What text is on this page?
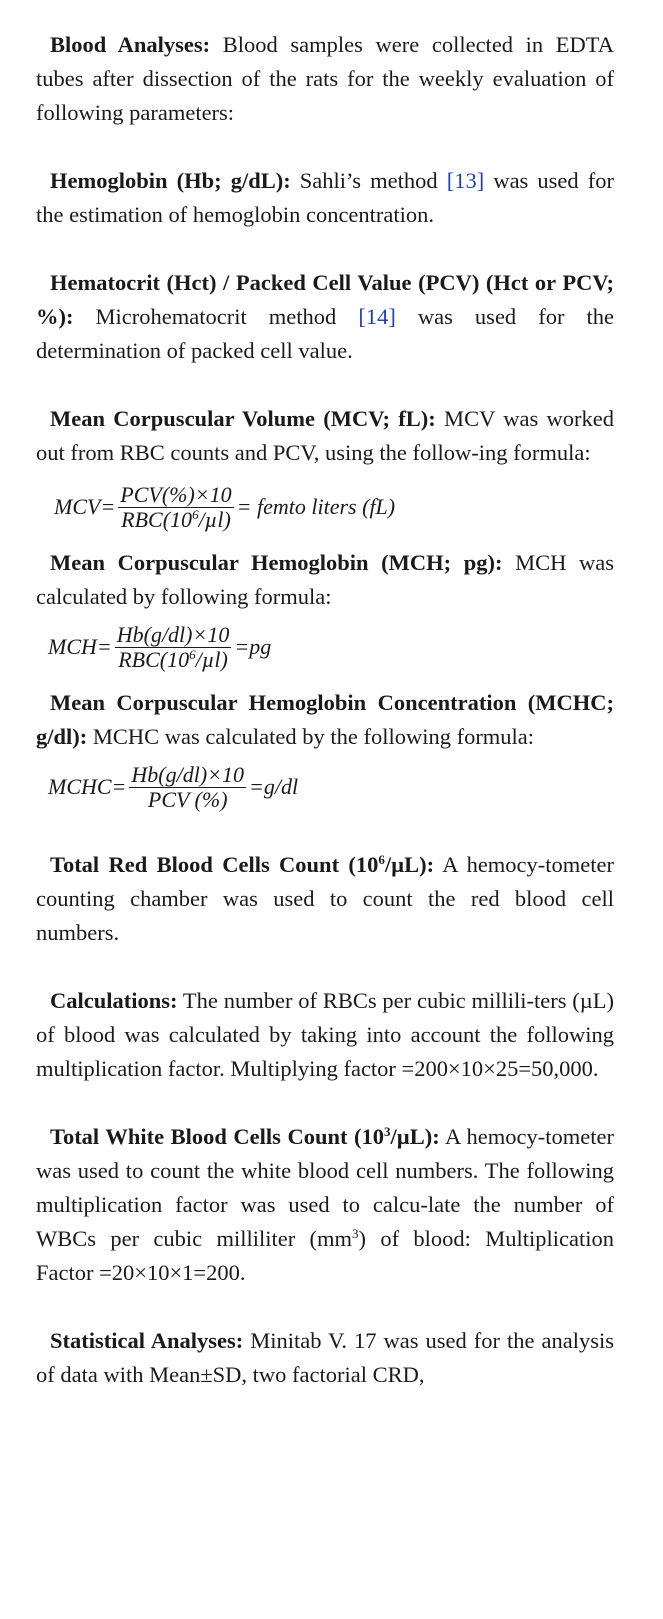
Blood Analyses: Blood samples were collected in EDTA tubes after dissection of the rats for the weekly evaluation of following parameters:

Hemoglobin (Hb; g/dL): Sahli’s method [13] was used for the estimation of hemoglobin concentration.

Hematocrit (Hct) / Packed Cell Value (PCV) (Hct or PCV; %): Microhematocrit method [14] was used for the determination of packed cell value.

Mean Corpuscular Volume (MCV; fL): MCV was worked out from RBC counts and PCV, using the follow-ing formula:

$MCV= \frac{\text{PCV(\%)×10}}{RBC(10^6/\mu l)}$ = femto liters (fL)

Mean Corpuscular Hemoglobin (MCH; pg): MCH was calculated by following formula:

$MCH= \frac{Hb(g/dl)\times 10}{RBC(10^6/\mu l)} =pg$

Mean Corpuscular Hemoglobin Concentration (MCHC; g/dl): MCHC was calculated by the following formula:

MCHC= $\frac{Hb(g/dl)\times 10}{\text{PCV (\%)}} =g/dl$

Total Red Blood Cells Count $(10^6/\mu L)$: A hemocy-tometer counting chamber was used to count the red blood cell numbers.

Calculations: The number of RBCs per cubic millili-ters (µL) of blood was calculated by taking into account the following multiplication factor. Multiplying factor =200×10×25=50,000.

Total White Blood Cells Count $(10^3/\mu L)$: A hemocy-tometer was used to count the white blood cell numbers. The following multiplication factor was used to calcu-late the number of WBCs per cubic milliliter $(mm^3)$ of blood: Multiplication Factor =20×10×1=200.

Statistical Analyses: Minitab V. 17 was used for the analysis of data with Mean±SD, two factorial CRD,
